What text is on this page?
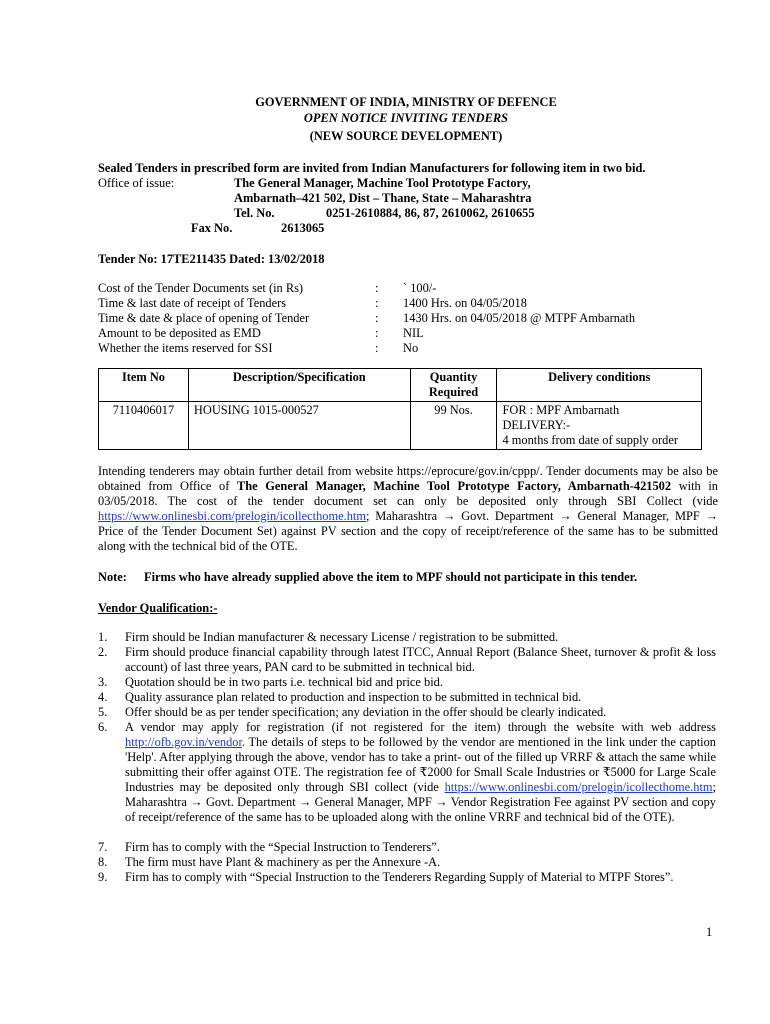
GOVERNMENT OF INDIA, MINISTRY OF DEFENCE
OPEN NOTICE INVITING TENDERS
(NEW SOURCE DEVELOPMENT)
Sealed Tenders in prescribed form are invited from Indian Manufacturers for following item in two bid.
Office of issue:	The General Manager, Machine Tool Prototype Factory,
Ambarnath–421 502, Dist – Thane, State – Maharashtra
Tel. No.	0251-2610884, 86, 87, 2610062, 2610655
Fax No.	2613065
Tender No: 17TE211435 Dated: 13/02/2018
Cost of the Tender Documents set (in Rs)	: ` 100/-
Time & last date of receipt of Tenders	: 1400 Hrs. on 04/05/2018
Time & date & place of opening of Tender	: 1430 Hrs. on 04/05/2018 @ MTPF Ambarnath
Amount to be deposited as EMD	: NIL
Whether the items reserved for SSI	: No
Item No	Description/Specification	Quantity Required	Delivery conditions
7110406017	HOUSING 1015-000527	99 Nos.	FOR : MPF Ambarnath
DELIVERY:-
4 months from date of supply order
Intending tenderers may obtain further detail from website https://eprocure/gov.in/cppp/. Tender documents may be also be obtained from Office of The General Manager, Machine Tool Prototype Factory, Ambarnath-421502 with in 03/05/2018. The cost of the tender document set can only be deposited only through SBI Collect (vide https://www.onlinesbi.com/prelogin/icollecthome.htm; Maharashtra → Govt. Department → General Manager, MPF → Price of the Tender Document Set) against PV section and the copy of receipt/reference of the same has to be submitted along with the technical bid of the OTE.
Note: Firms who have already supplied above the item to MPF should not participate in this tender.
Vendor Qualification:-
1. Firm should be Indian manufacturer & necessary License / registration to be submitted.
2. Firm should produce financial capability through latest ITCC, Annual Report (Balance Sheet, turnover & profit & loss account) of last three years, PAN card to be submitted in technical bid.
3. Quotation should be in two parts i.e. technical bid and price bid.
4. Quality assurance plan related to production and inspection to be submitted in technical bid.
5. Offer should be as per tender specification; any deviation in the offer should be clearly indicated.
6. A vendor may apply for registration (if not registered for the item) through the website with web address http://ofb.gov.in/vendor. The details of steps to be followed by the vendor are mentioned in the link under the caption 'Help'. After applying through the above, vendor has to take a print- out of the filled up VRRF & attach the same while submitting their offer against OTE. The registration fee of ₹2000 for Small Scale Industries or ₹5000 for Large Scale Industries may be deposited only through SBI collect (vide https://www.onlinesbi.com/prelogin/icollecthome.htm; Maharashtra → Govt. Department → General Manager, MPF → Vendor Registration Fee against PV section and copy of receipt/reference of the same has to be uploaded along with the online VRRF and technical bid of the OTE).
7. Firm has to comply with the “Special Instruction to Tenderers”.
8. The firm must have Plant & machinery as per the Annexure -A.
9. Firm has to comply with “Special Instruction to the Tenderers Regarding Supply of Material to MTPF Stores”.
1
